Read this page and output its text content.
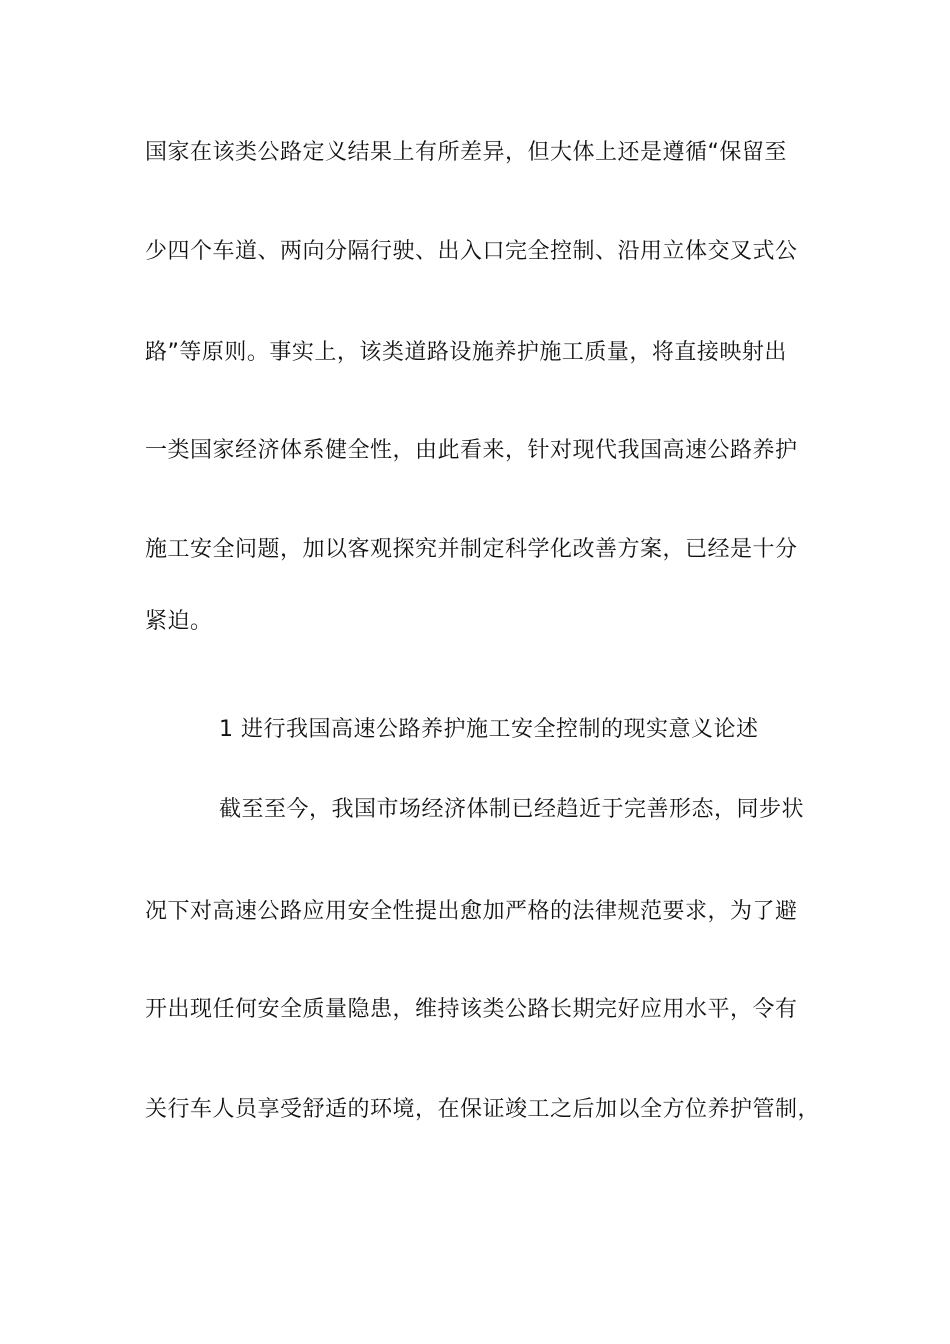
国家在该类公路定义结果上有所差异，但大体上还是遵循“保留至
少四个车道、两向分隔行驶、出入口完全控制、沿用立体交叉式公
路”等原则。事实上，该类道路设施养护施工质量，将直接映射出
一类国家经济体系健全性，由此看来，针对现代我国高速公路养护
施工安全问题，加以客观探究并制定科学化改善方案，已经是十分
紧迫。
1 进行我国高速公路养护施工安全控制的现实意义论述
截至至今，我国市场经济体制已经趋近于完善形态，同步状
况下对高速公路应用安全性提出愈加严格的法律规范要求，为了避
开出现任何安全质量隐患，维持该类公路长期完好应用水平，令有
关行车人员享受舒适的环境，在保证竣工之后加以全方位养护管制，
